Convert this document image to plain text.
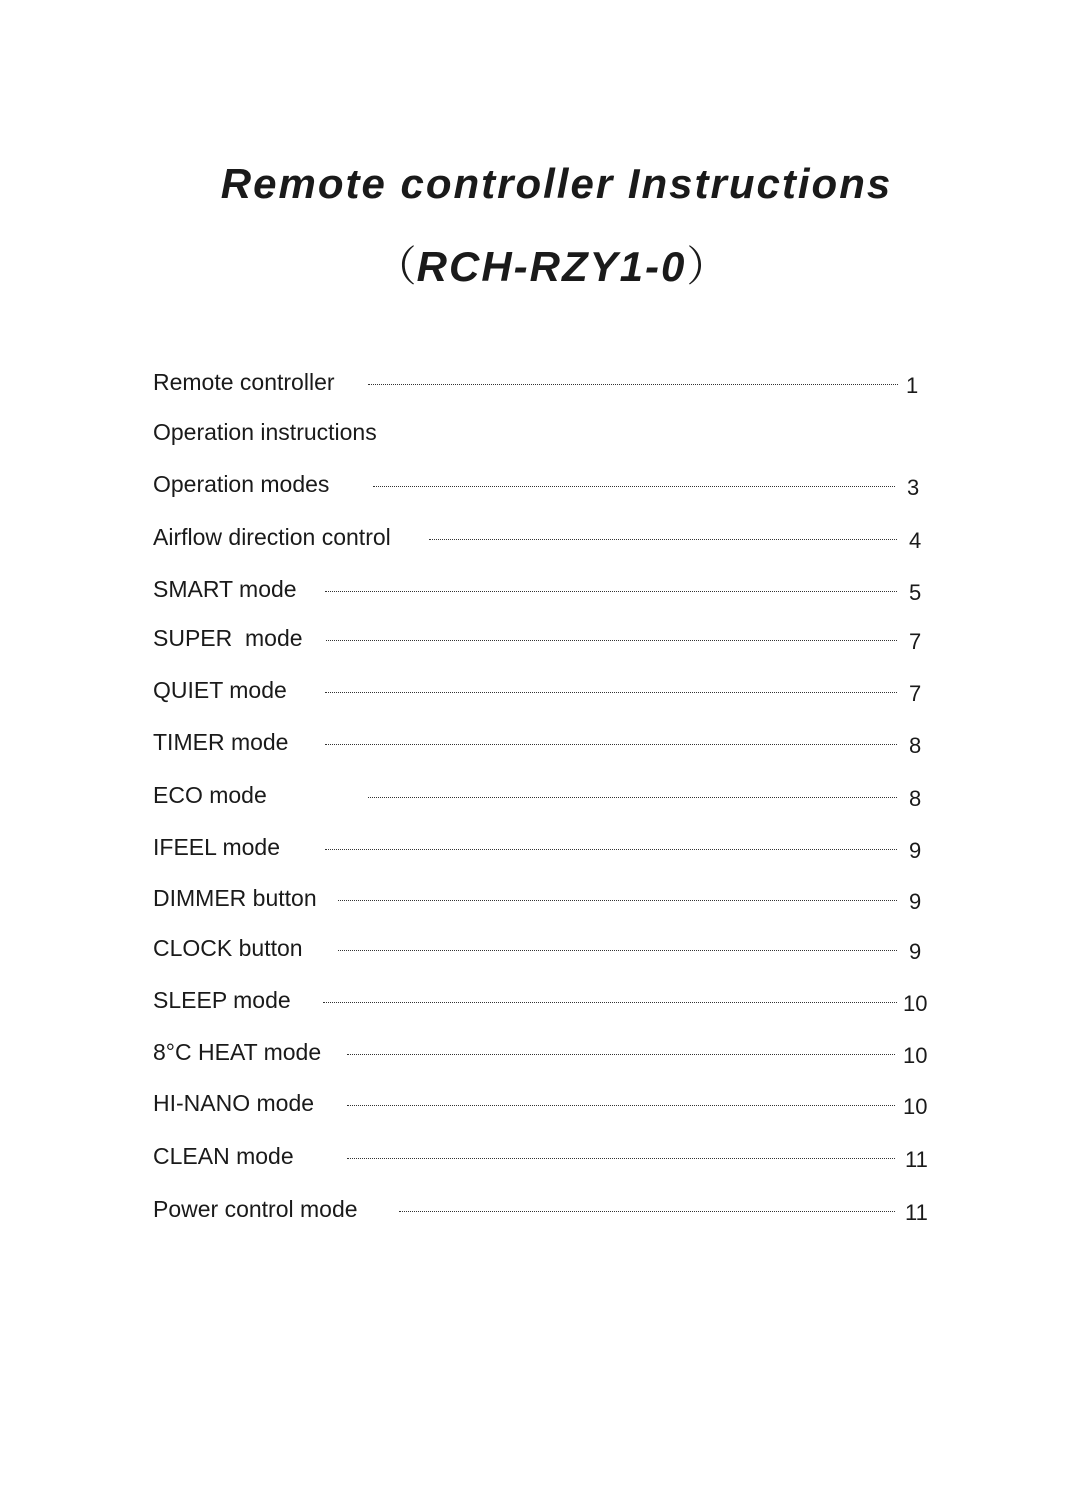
Remote controller Instructions
（RCH-RZY1-0）
Remote controller	1
Operation instructions
Operation modes	3
Airflow direction control	4
SMART mode	5
SUPER  mode	7
QUIET mode	7
TIMER mode	8
ECO mode	8
IFEEL mode	9
DIMMER button	9
CLOCK button	9
SLEEP mode	10
8°C HEAT mode	10
HI-NANO mode	10
CLEAN mode	11
Power control mode	11
